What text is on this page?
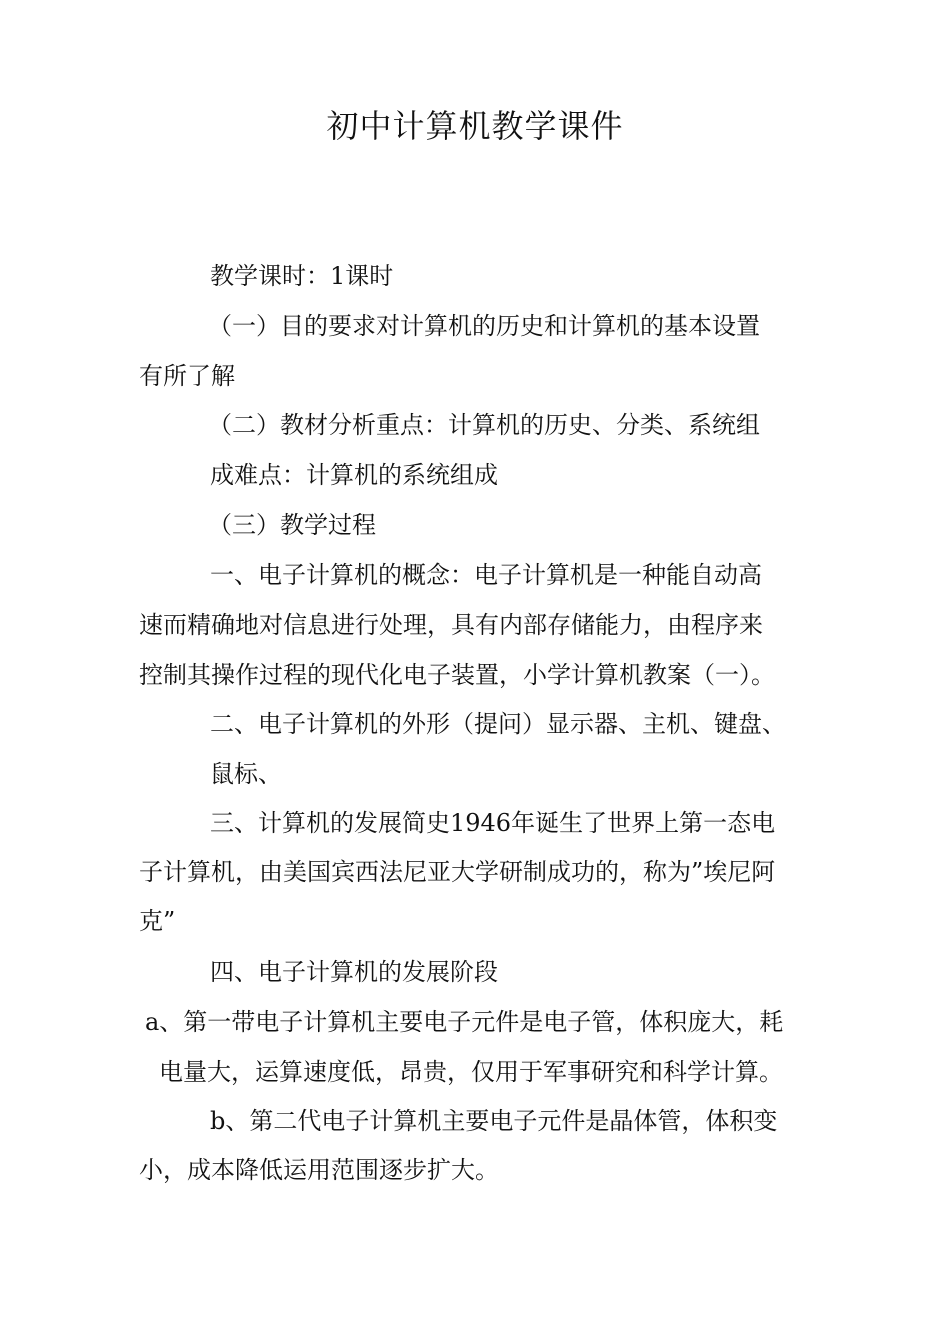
初中计算机教学课件

教学课时：1课时

（一）目的要求对计算机的历史和计算机的基本设置

有所了解

（二）教材分析重点：计算机的历史、分类、系统组

成难点：计算机的系统组成

（三）教学过程

一、电子计算机的概念：电子计算机是一种能自动高

速而精确地对信息进行处理，具有内部存储能力，由程序来

控制其操作过程的现代化电子装置，小学计算机教案（一）。

二、电子计算机的外形（提问）显示器、主机、键盘、

鼠标、

三、计算机的发展简史1946年诞生了世界上第一态电

子计算机，由美国宾西法尼亚大学研制成功的，称为”埃尼阿

克”

四、电子计算机的发展阶段

a、第一带电子计算机主要电子元件是电子管，体积庞大，耗

电量大，运算速度低，昂贵，仅用于军事研究和科学计算。

b、第二代电子计算机主要电子元件是晶体管，体积变

小，成本降低运用范围逐步扩大。
